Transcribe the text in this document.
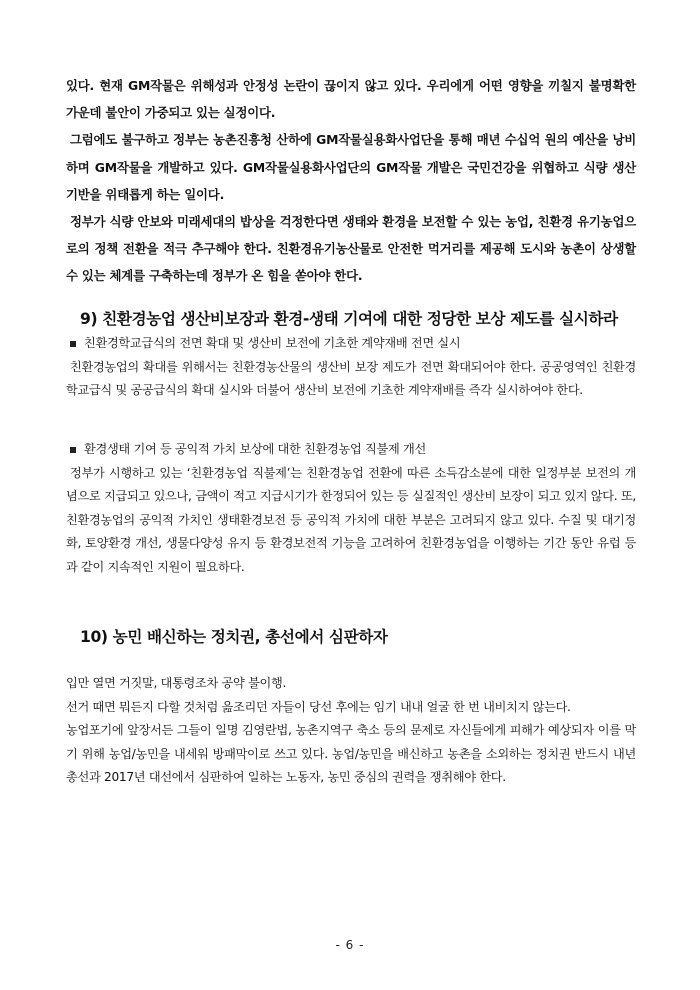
있다. 현재 GM작물은 위해성과 안정성 논란이 끊이지 않고 있다. 우리에게 어떤 영향을 끼칠지 불명확한 가운데 불안이 가중되고 있는 실정이다.

그럼에도 불구하고 정부는 농촌진흥청 산하에 GM작물실용화사업단을 통해 매년 수십억 원의 예산을 낭비하며 GM작물을 개발하고 있다. GM작물실용화사업단의 GM작물 개발은 국민건강을 위협하고 식량 생산 기반을 위태롭게 하는 일이다.

정부가 식량 안보와 미래세대의 밥상을 걱정한다면 생태와 환경을 보전할 수 있는 농업, 친환경 유기농업으로의 정책 전환을 적극 추구해야 한다. 친환경유기농산물로 안전한 먹거리를 제공해 도시와 농촌이 상생할 수 있는 체계를 구축하는데 정부가 온 힘을 쏟아야 한다.

9) 친환경농업 생산비보장과 환경-생태 기여에 대한 정당한 보상 제도를 실시하라
친환경학교급식의 전면 확대 및 생산비 보전에 기초한 계약재배 전면 실시

친환경농업의 확대를 위해서는 친환경농산물의 생산비 보장 제도가 전면 확대되어야 한다. 공공영역인 친환경 학교급식 및 공공급식의 확대 실시와 더불어 생산비 보전에 기초한 계약재배를 즉각 실시하여야 한다.

환경생태 기여 등 공익적 가치 보상에 대한 친환경농업 직불제 개선

정부가 시행하고 있는 ‘친환경농업 직불제’는 친환경농업 전환에 따른 소득감소분에 대한 일정부분 보전의 개념으로 지급되고 있으나, 금액이 적고 지급시기가 한정되어 있는 등 실질적인 생산비 보장이 되고 있지 않다. 또, 친환경농업의 공익적 가치인 생태환경보전 등 공익적 가치에 대한 부분은 고려되지 않고 있다. 수질 및 대기정화, 토양환경 개선, 생물다양성 유지 등 환경보전적 기능을 고려하여 친환경농업을 이행하는 기간 동안 유럽 등과 같이 지속적인 지원이 필요하다.

10) 농민 배신하는 정치권, 총선에서 심판하자

입만 열면 거짓말, 대통령조차 공약 불이행.

선거 때면 뭐든지 다할 것처럼 읊조리던 자들이 당선 후에는 임기 내내 얼굴 한 번 내비치지 않는다.

농업포기에 앞장서든 그들이 일명 김영란법, 농촌지역구 축소 등의 문제로 자신들에게 피해가 예상되자 이를 막기 위해 농업/농민을 내세워 방패막이로 쓰고 있다. 농업/농민을 배신하고 농촌을 소외하는 정치권 반드시 내년 총선과 2017년 대선에서 심판하여 일하는 노동자, 농민 중심의 권력을 쟁취해야 한다.

- 6 -
